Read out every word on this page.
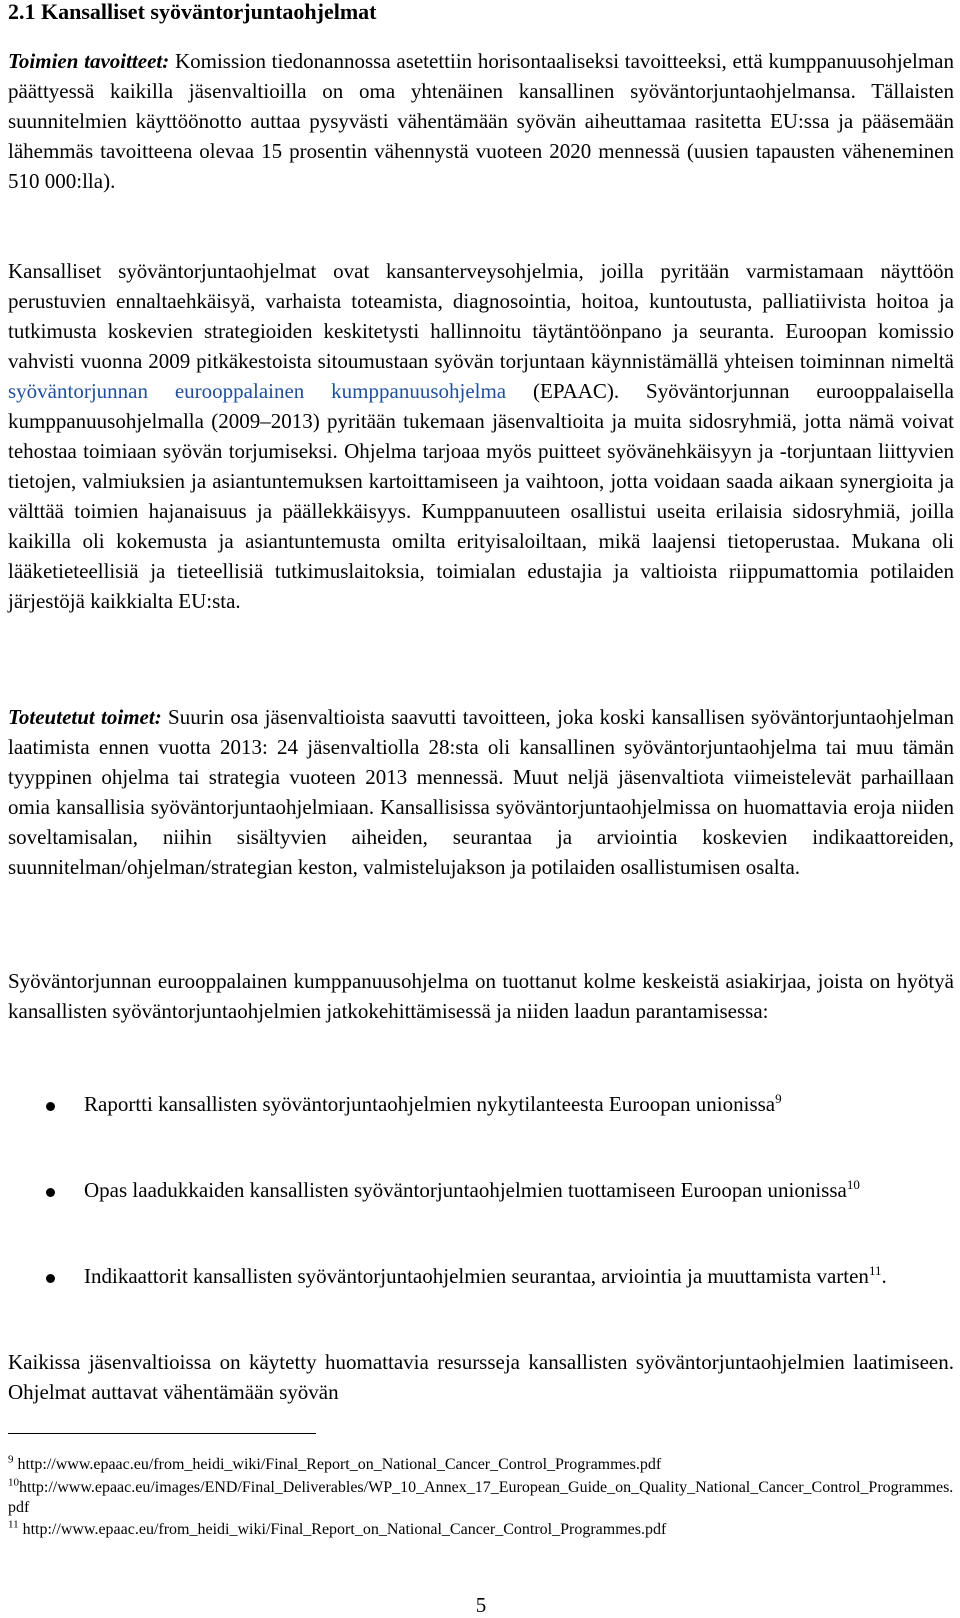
2.1 Kansalliset syöväntorjuntaohjelmat
Toimien tavoitteet: Komission tiedonannossa asetettiin horisontaaliseksi tavoitteeksi, että kumppanuusohjelman päättyessä kaikilla jäsenvaltioilla on oma yhtenäinen kansallinen syöväntorjuntaohjelmansa. Tällaisten suunnitelmien käyttöönotto auttaa pysyvästi vähentämään syövän aiheuttamaa rasitetta EU:ssa ja pääsemään lähemmäs tavoitteena olevaa 15 prosentin vähennystä vuoteen 2020 mennessä (uusien tapausten väheneminen 510 000:lla).
Kansalliset syöväntorjuntaohjelmat ovat kansanterveysohjelmia, joilla pyritään varmistamaan näyttöön perustuvien ennaltaehkäisyä, varhaista toteamista, diagnosointia, hoitoa, kuntoutusta, palliatiivista hoitoa ja tutkimusta koskevien strategioiden keskitetysti hallinnoitu täytäntöönpano ja seuranta. Euroopan komissio vahvisti vuonna 2009 pitkäkestoista sitoumustaan syövän torjuntaan käynnistämällä yhteisen toiminnan nimeltä syöväntorjunnan eurooppalainen kumppanuusohjelma (EPAAC). Syöväntorjunnan eurooppalaisella kumppanuusohjelmalla (2009–2013) pyritään tukemaan jäsenvaltioita ja muita sidosryhmiä, jotta nämä voivat tehostaa toimiaan syövän torjumiseksi. Ohjelma tarjoaa myös puitteet syövänehkäisyyn ja -torjuntaan liittyvien tietojen, valmiuksien ja asiantuntemuksen kartoittamiseen ja vaihtoon, jotta voidaan saada aikaan synergioita ja välttää toimien hajanaisuus ja päällekkäisyys. Kumppanuuteen osallistui useita erilaisia sidosryhmiä, joilla kaikilla oli kokemusta ja asiantuntemusta omilta erityisaloiltaan, mikä laajensi tietoperustaa. Mukana oli lääketieteellisiä ja tieteellisiä tutkimuslaitoksia, toimialan edustajia ja valtioista riippumattomia potilaiden järjestöjä kaikkialta EU:sta.
Toteutetut toimet: Suurin osa jäsenvaltioista saavutti tavoitteen, joka koski kansallisen syöväntorjuntaohjelman laatimista ennen vuotta 2013: 24 jäsenvaltiolla 28:sta oli kansallinen syöväntorjuntaohjelma tai muu tämän tyyppinen ohjelma tai strategia vuoteen 2013 mennessä. Muut neljä jäsenvaltiota viimeistelevät parhaillaan omia kansallisia syöväntorjuntaohjelmiaan. Kansallisissa syöväntorjuntaohjelmissa on huomattavia eroja niiden soveltamisalan, niihin sisältyvien aiheiden, seurantaa ja arviointia koskevien indikaattoreiden, suunnitelman/ohjelman/strategian keston, valmistelujakson ja potilaiden osallistumisen osalta.
Syöväntorjunnan eurooppalainen kumppanuusohjelma on tuottanut kolme keskeistä asiakirjaa, joista on hyötyä kansallisten syöväntorjuntaohjelmien jatkokehittämisessä ja niiden laadun parantamisessa:
Raportti kansallisten syöväntorjuntaohjelmien nykytilanteesta Euroopan unionissa$^9$
Opas laadukkaiden kansallisten syöväntorjuntaohjelmien tuottamiseen Euroopan unionissa$^{10}$
Indikaattorit kansallisten syöväntorjuntaohjelmien seurantaa, arviointia ja muuttamista varten$^{11}$.
Kaikissa jäsenvaltioissa on käytetty huomattavia resursseja kansallisten syöväntorjuntaohjelmien laatimiseen. Ohjelmat auttavat vähentämään syövän
$^9$ http://www.epaac.eu/from_heidi_wiki/Final_Report_on_National_Cancer_Control_Programmes.pdf
$^{10}$http://www.epaac.eu/images/END/Final_Deliverables/WP_10_Annex_17_European_Guide_on_Quality_National_Cancer_Control_Programmes.pdf
$^{11}$ http://www.epaac.eu/from_heidi_wiki/Final_Report_on_National_Cancer_Control_Programmes.pdf
5
